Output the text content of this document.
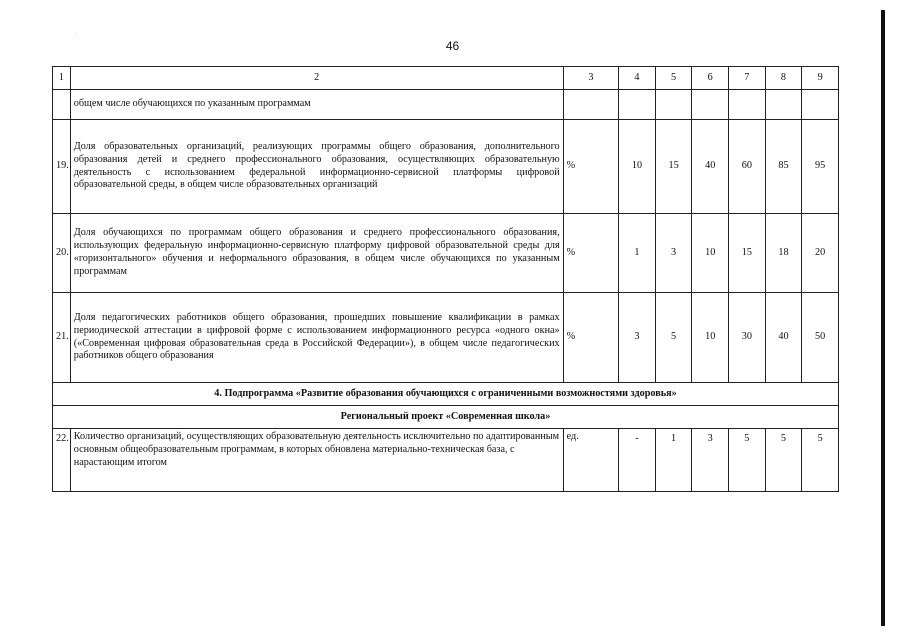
.
46
1	2	3	4	5	6	7	8	9
	общем числе обучающихся по указанным программам							
19.	Доля образовательных организаций, реализующих программы общего образования, дополнительного образования детей и среднего профессионального образования, осуществляющих образовательную деятельность с использованием федеральной информационно-сервисной платформы цифровой образовательной среды, в общем числе образовательных организаций	%	10	15	40	60	85	95
20.	Доля обучающихся по программам общего образования и среднего профессионального образования, использующих федеральную информационно-сервисную платформу цифровой образовательной среды для «горизонтального» обучения и неформального образования, в общем числе обучающихся по указанным программам	%	1	3	10	15	18	20
21.	Доля педагогических работников общего образования, прошедших повышение квалификации в рамках периодической аттестации в цифровой форме с использованием информационного ресурса «одного окна» («Современная цифровая образовательная среда в Российской Федерации»), в общем числе педагогических работников общего образования	%	3	5	10	30	40	50
4. Подпрограмма «Развитие образования обучающихся с ограниченными возможностями здоровья»								
Региональный проект «Современная школа»								
22.	Количество организаций, осуществляющих образовательную деятельность исключительно по адаптированным основным общеобразовательным программам, в которых обновлена материально-техническая база, с нарастающим итогом	ед.	-	1	3	5	5	5
